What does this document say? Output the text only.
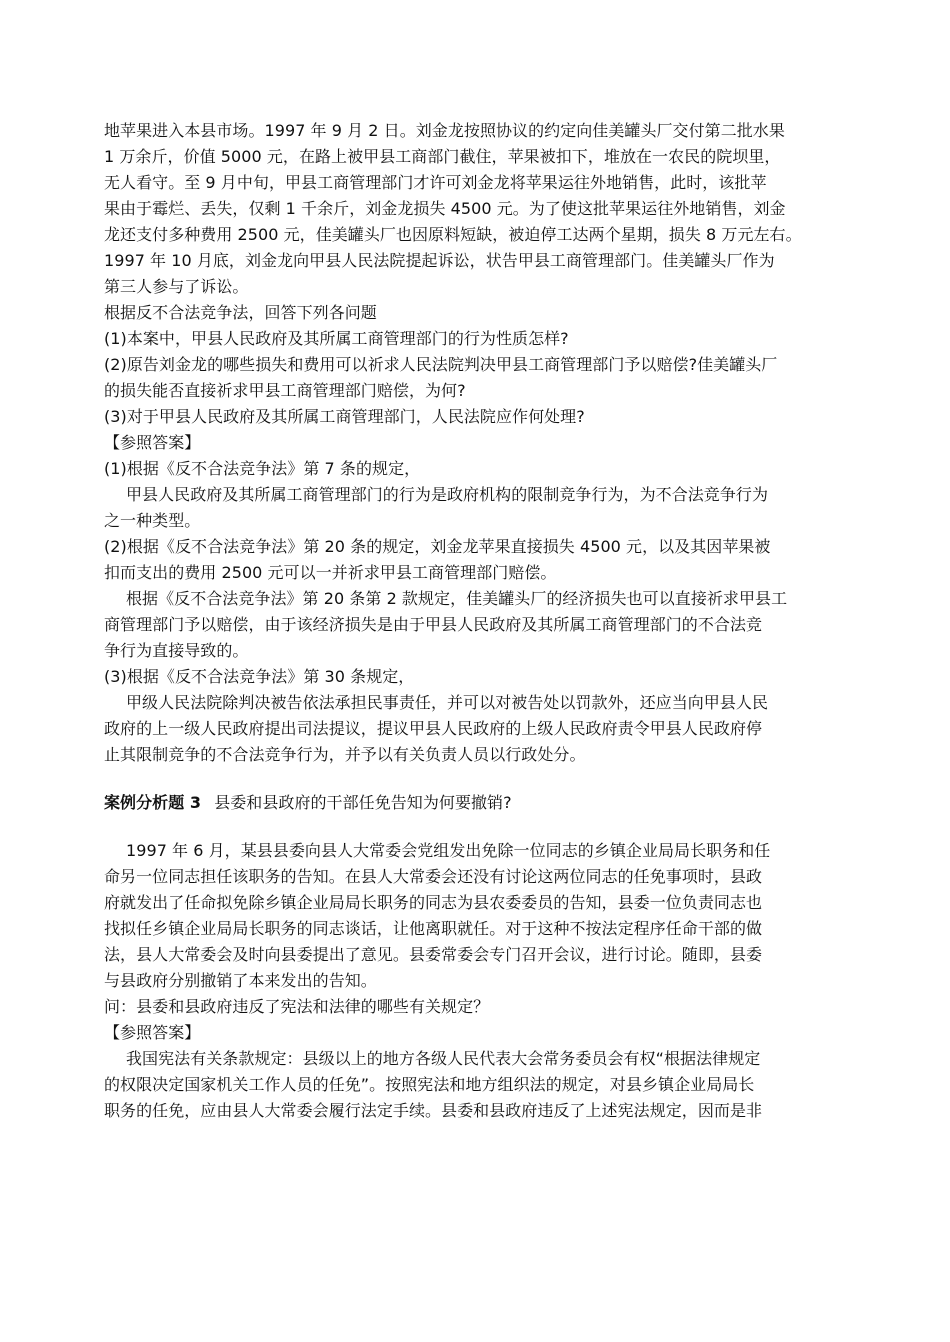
地苹果进入本县市场。1997 年 9 月 2 日。刘金龙按照协议的约定向佳美罐头厂交付第二批水果
1 万余斤，价值 5000 元，在路上被甲县工商部门截住，苹果被扣下，堆放在一农民的院坝里，
无人看守。至 9 月中旬，甲县工商管理部门才许可刘金龙将苹果运往外地销售，此时，该批苹
果由于霉烂、丢失，仅剩 1 千余斤，刘金龙损失 4500 元。为了使这批苹果运往外地销售，刘金
龙还支付多种费用 2500 元，佳美罐头厂也因原料短缺，被迫停工达两个星期，损失 8 万元左右。
1997 年 10 月底，刘金龙向甲县人民法院提起诉讼，状告甲县工商管理部门。佳美罐头厂作为
第三人参与了诉讼。
根据反不合法竞争法，回答下列各问题
(1)本案中，甲县人民政府及其所属工商管理部门的行为性质怎样?
(2)原告刘金龙的哪些损失和费用可以祈求人民法院判决甲县工商管理部门予以赔偿?佳美罐头厂
的损失能否直接祈求甲县工商管理部门赔偿，为何?
(3)对于甲县人民政府及其所属工商管理部门，人民法院应作何处理?
【参照答案】
(1)根据《反不合法竞争法》第 7 条的规定，
甲县人民政府及其所属工商管理部门的行为是政府机构的限制竞争行为，为不合法竞争行为
之一种类型。
(2)根据《反不合法竞争法》第 20 条的规定，刘金龙苹果直接损失 4500 元，以及其因苹果被
扣而支出的费用 2500 元可以一并祈求甲县工商管理部门赔偿。
根据《反不合法竞争法》第 20 条第 2 款规定，佳美罐头厂的经济损失也可以直接祈求甲县工
商管理部门予以赔偿，由于该经济损失是由于甲县人民政府及其所属工商管理部门的不合法竞
争行为直接导致的。
(3)根据《反不合法竞争法》第 30 条规定，
甲级人民法院除判决被告依法承担民事责任，并可以对被告处以罚款外，还应当向甲县人民
政府的上一级人民政府提出司法提议，提议甲县人民政府的上级人民政府责令甲县人民政府停
止其限制竞争的不合法竞争行为，并予以有关负责人员以行政处分。
案例分析题 3 县委和县政府的干部任免告知为何要撤销?
1997 年 6 月，某县县委向县人大常委会党组发出免除一位同志的乡镇企业局局长职务和任
命另一位同志担任该职务的告知。在县人大常委会还没有讨论这两位同志的任免事项时，县政
府就发出了任命拟免除乡镇企业局局长职务的同志为县农委委员的告知，县委一位负责同志也
找拟任乡镇企业局局长职务的同志谈话，让他离职就任。对于这种不按法定程序任命干部的做
法，县人大常委会及时向县委提出了意见。县委常委会专门召开会议，进行讨论。随即，县委
与县政府分别撤销了本来发出的告知。
问：县委和县政府违反了宪法和法律的哪些有关规定？
【参照答案】
我国宪法有关条款规定：县级以上的地方各级人民代表大会常务委员会有权“根据法律规定
的权限决定国家机关工作人员的任免”。按照宪法和地方组织法的规定，对县乡镇企业局局长
职务的任免，应由县人大常委会履行法定手续。县委和县政府违反了上述宪法规定，因而是非
